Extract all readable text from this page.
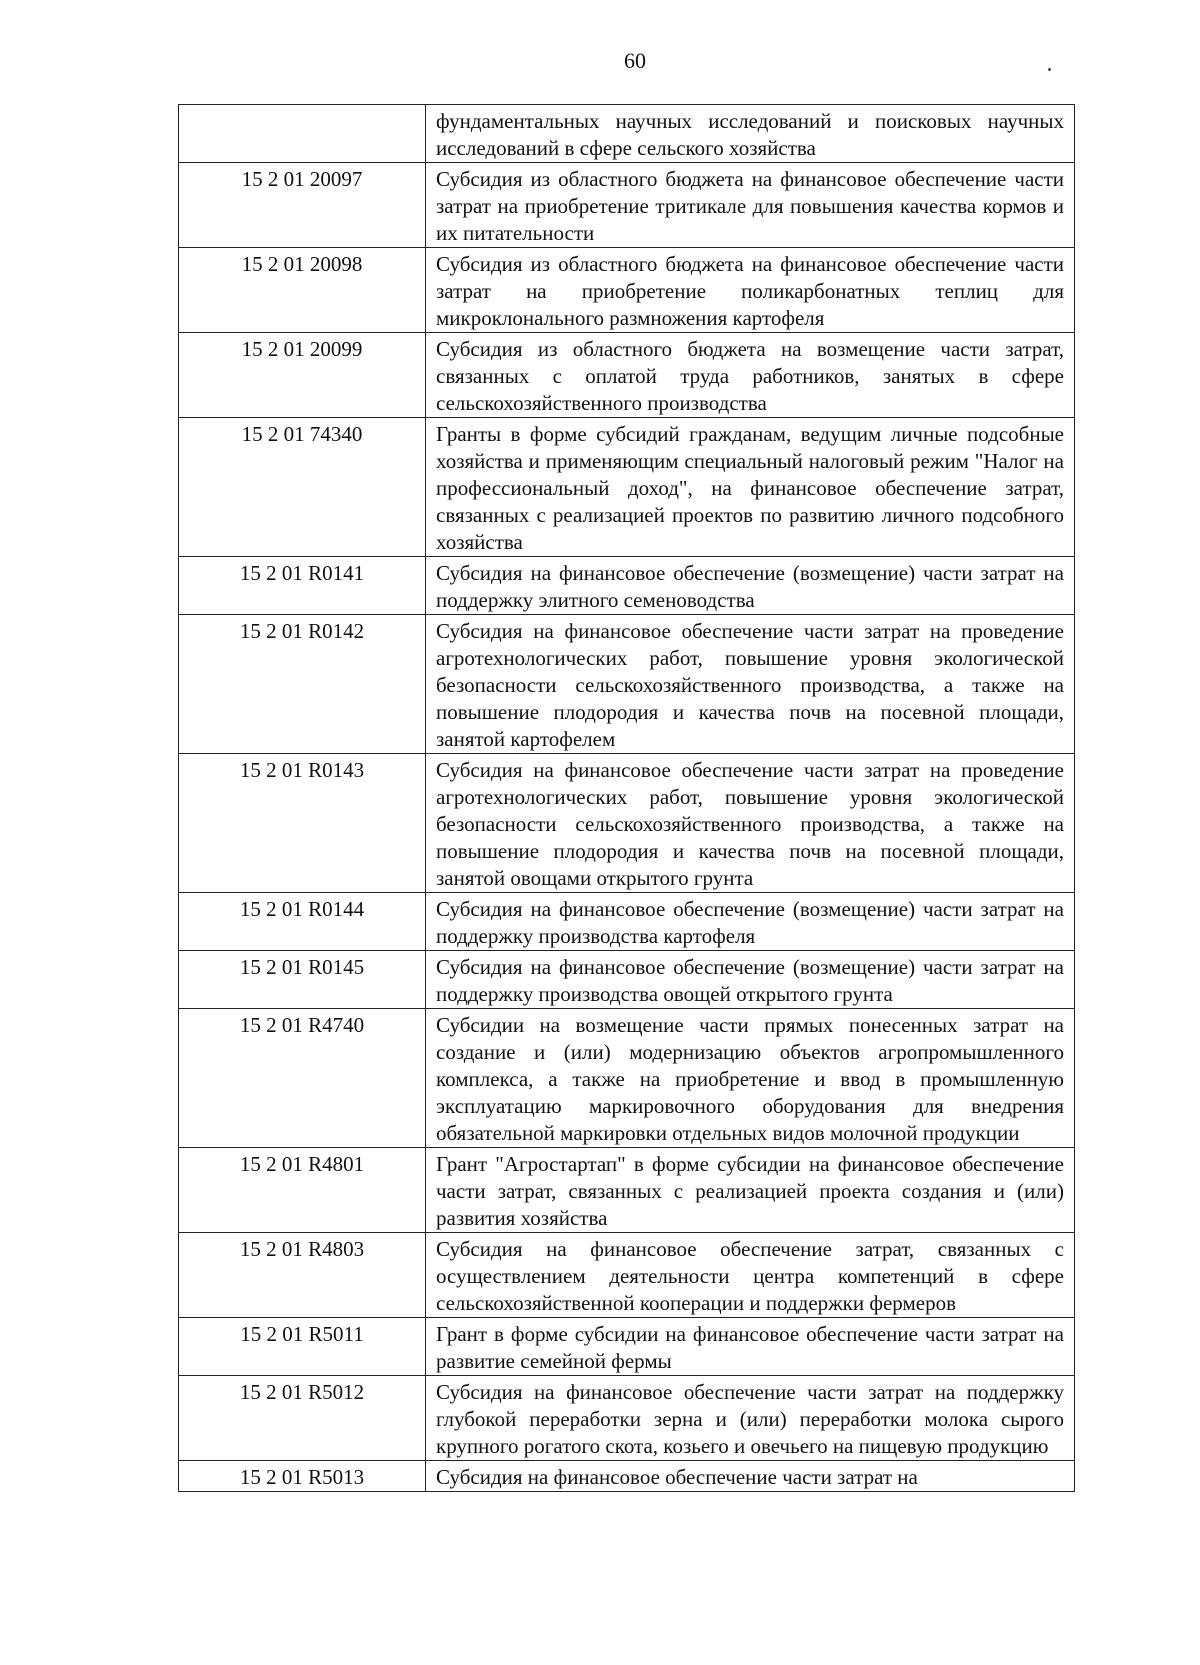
60
	фундаментальных научных исследований и поисковых научных исследований в сфере сельского хозяйства
15 2 01 20097	Субсидия из областного бюджета на финансовое обеспечение части затрат на приобретение тритикале для повышения качества кормов и их питательности
15 2 01 20098	Субсидия из областного бюджета на финансовое обеспечение части затрат на приобретение поликарбонатных теплиц для микроклонального размножения картофеля
15 2 01 20099	Субсидия из областного бюджета на возмещение части затрат, связанных с оплатой труда работников, занятых в сфере сельскохозяйственного производства
15 2 01 74340	Гранты в форме субсидий гражданам, ведущим личные подсобные хозяйства и применяющим специальный налоговый режим "Налог на профессиональный доход", на финансовое обеспечение затрат, связанных с реализацией проектов по развитию личного подсобного хозяйства
15 2 01 R0141	Субсидия на финансовое обеспечение (возмещение) части затрат на поддержку элитного семеноводства
15 2 01 R0142	Субсидия на финансовое обеспечение части затрат на проведение агротехнологических работ, повышение уровня экологической безопасности сельскохозяйственного производства, а также на повышение плодородия и качества почв на посевной площади, занятой картофелем
15 2 01 R0143	Субсидия на финансовое обеспечение части затрат на проведение агротехнологических работ, повышение уровня экологической безопасности сельскохозяйственного производства, а также на повышение плодородия и качества почв на посевной площади, занятой овощами открытого грунта
15 2 01 R0144	Субсидия на финансовое обеспечение (возмещение) части затрат на поддержку производства картофеля
15 2 01 R0145	Субсидия на финансовое обеспечение (возмещение) части затрат на поддержку производства овощей открытого грунта
15 2 01 R4740	Субсидии на возмещение части прямых понесенных затрат на создание и (или) модернизацию объектов агропромышленного комплекса, а также на приобретение и ввод в промышленную эксплуатацию маркировочного оборудования для внедрения обязательной маркировки отдельных видов молочной продукции
15 2 01 R4801	Грант "Агростартап" в форме субсидии на финансовое обеспечение части затрат, связанных с реализацией проекта создания и (или) развития хозяйства
15 2 01 R4803	Субсидия на финансовое обеспечение затрат, связанных с осуществлением деятельности центра компетенций в сфере сельскохозяйственной кооперации и поддержки фермеров
15 2 01 R5011	Грант в форме субсидии на финансовое обеспечение части затрат на развитие семейной фермы
15 2 01 R5012	Субсидия на финансовое обеспечение части затрат на поддержку глубокой переработки зерна и (или) переработки молока сырого крупного рогатого скота, козьего и овечьего на пищевую продукцию
15 2 01 R5013	Субсидия на финансовое обеспечение части затрат на
